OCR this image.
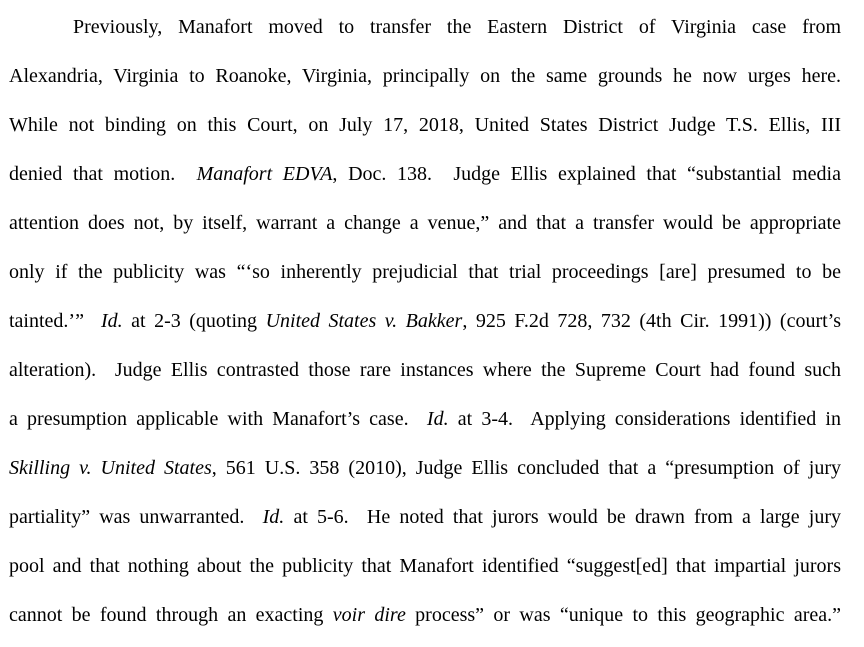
Previously, Manafort moved to transfer the Eastern District of Virginia case from
Alexandria, Virginia to Roanoke, Virginia, principally on the same grounds he now urges here.
While not binding on this Court, on July 17, 2018, United States District Judge T.S. Ellis, III
denied that motion.  Manafort EDVA, Doc. 138.  Judge Ellis explained that “substantial media
attention does not, by itself, warrant a change a venue,” and that a transfer would be appropriate
only if the publicity was “‘so inherently prejudicial that trial proceedings [are] presumed to be
tainted.’”  Id. at 2-3 (quoting United States v. Bakker, 925 F.2d 728, 732 (4th Cir. 1991)) (court’s
alteration).  Judge Ellis contrasted those rare instances where the Supreme Court had found such
a presumption applicable with Manafort’s case.  Id. at 3-4.  Applying considerations identified in
Skilling v. United States, 561 U.S. 358 (2010), Judge Ellis concluded that a “presumption of jury
partiality” was unwarranted.  Id. at 5-6.  He noted that jurors would be drawn from a large jury
pool and that nothing about the publicity that Manafort identified “suggest[ed] that impartial jurors
cannot be found through an exacting voir dire process” or was “unique to this geographic area.”
